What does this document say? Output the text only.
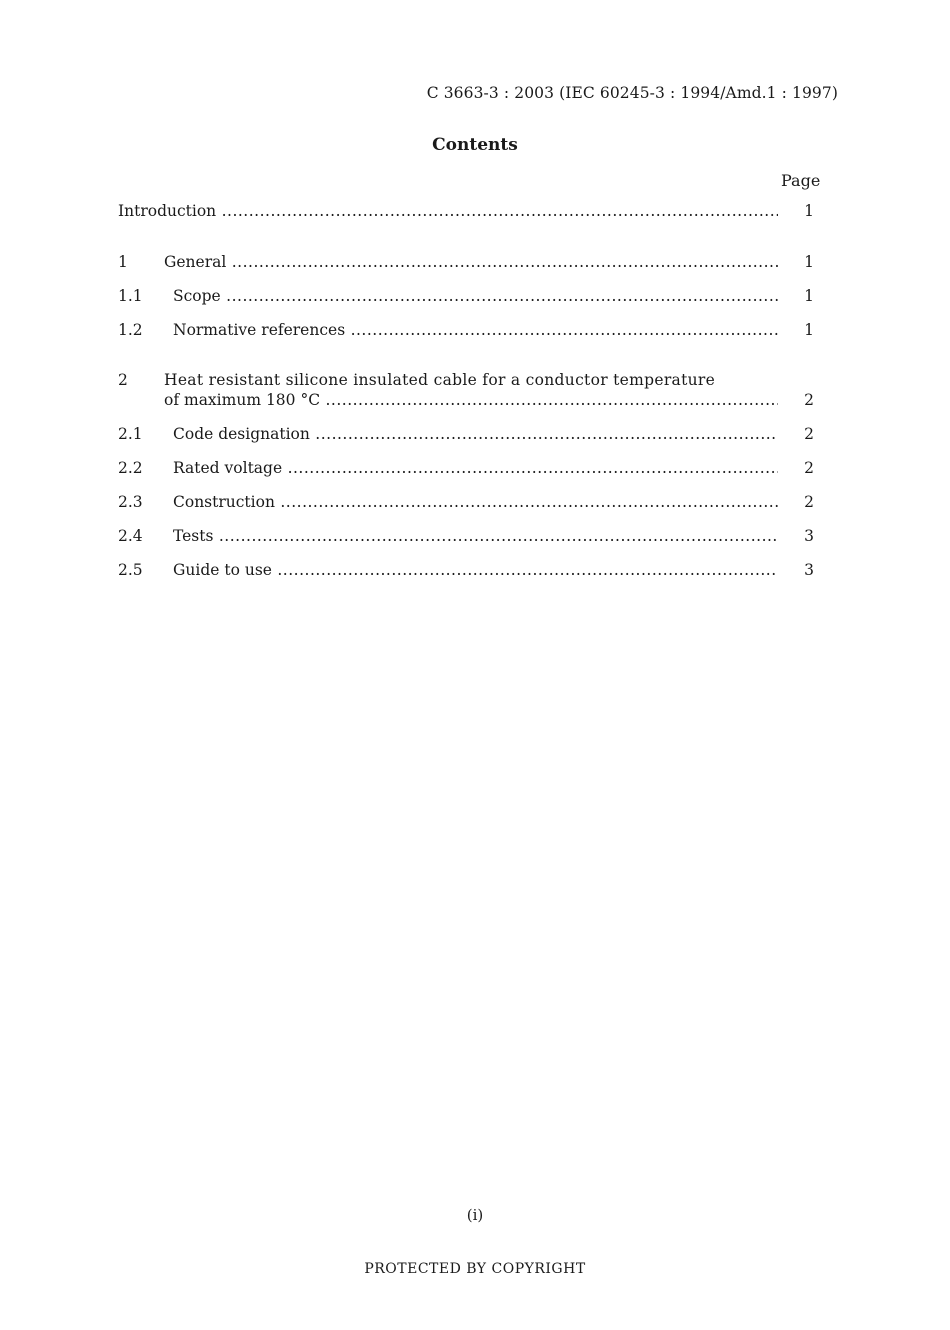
C 3663-3 : 2003 (IEC 60245-3 : 1994/Amd.1 : 1997)
Contents
Page
Introduction .....	1
1 General .....	1
1.1 Scope .....	1
1.2 Normative references .....	1
2 Heat resistant silicone insulated cable for a conductor temperature
of maximum 180 °C .....	2
2.1 Code designation .....	2
2.2 Rated voltage .....	2
2.3 Construction .....	2
2.4 Tests .....	3
2.5 Guide to use .....	3
(i)
PROTECTED BY COPYRIGHT
